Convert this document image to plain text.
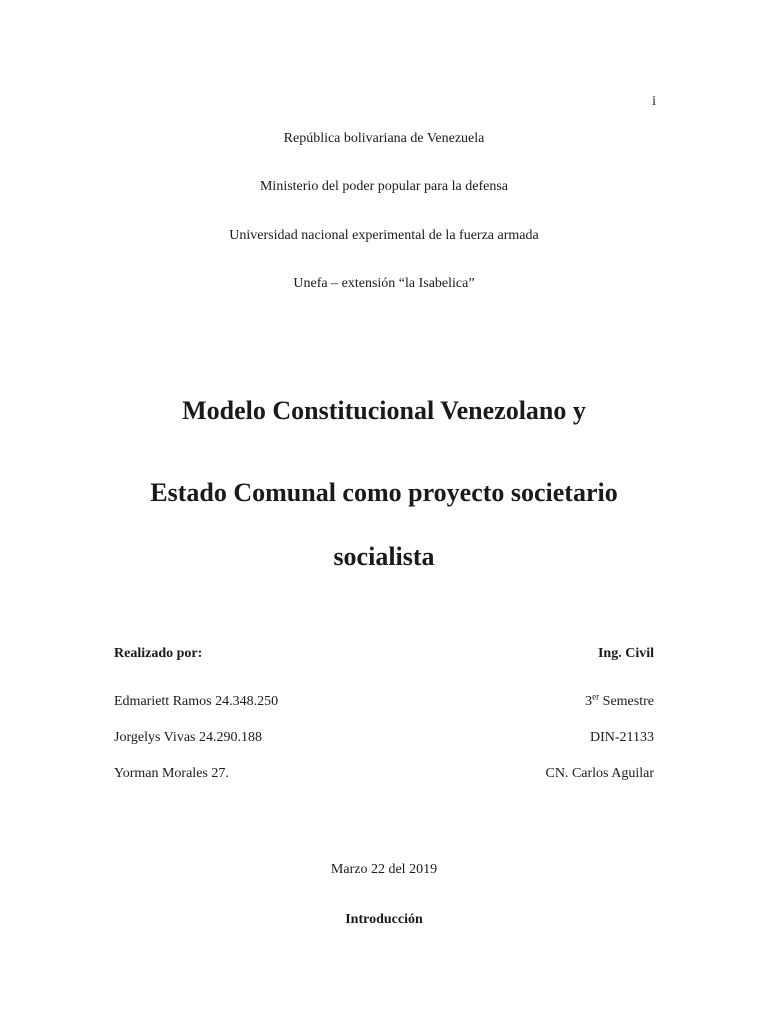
i
República bolivariana de Venezuela
Ministerio del poder popular para la defensa
Universidad nacional experimental de la fuerza armada
Unefa – extensión “la Isabelica”
Modelo Constitucional Venezolano y
Estado Comunal como proyecto societario
socialista
Realizado por:	Ing. Civil
Edmariett Ramos 24.348.250	3er Semestre
Jorgelys Vivas 24.290.188	DIN-21133
Yorman Morales 27.	CN. Carlos Aguilar
Marzo 22 del 2019
Introducción
